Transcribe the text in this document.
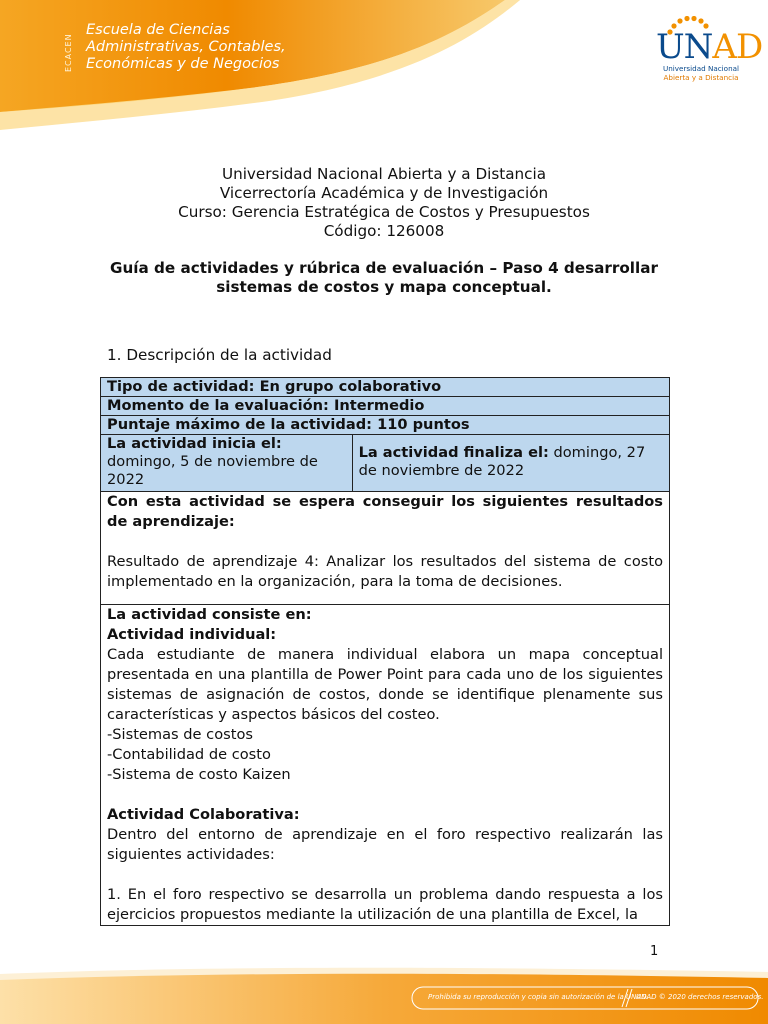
ECACEN
Escuela de Ciencias
Administrativas, Contables,
Económicas y de Negocios	UNAD
Universidad Nacional
Abierta y a Distancia
Universidad Nacional Abierta y a Distancia
Vicerrectoría Académica y de Investigación
Curso: Gerencia Estratégica de Costos y Presupuestos
Código: 126008
Guía de actividades y rúbrica de evaluación – Paso 4 desarrollar sistemas de costos y mapa conceptual.
1. Descripción de la actividad
Tipo de actividad: En grupo colaborativo
Momento de la evaluación: Intermedio
Puntaje máximo de la actividad: 110 puntos

La actividad inicia el:
domingo, 5 de noviembre de 2022
	La actividad finaliza el: domingo, 27 de noviembre de 2022

Con esta actividad se espera conseguir los siguientes resultados de aprendizaje:
Resultado de aprendizaje 4: Analizar los resultados del sistema de costo implementado en la organización, para la toma de decisiones.

La actividad consiste en:
Actividad individual:
Cada estudiante de manera individual elabora un mapa conceptual presentada en una plantilla de Power Point para cada uno de los siguientes sistemas de asignación de costos, donde se identifique plenamente sus características y aspectos básicos del costeo.
-Sistemas de costos
-Contabilidad de costo
-Sistema de costo Kaizen
Actividad Colaborativa:
Dentro del entorno de aprendizaje en el foro respectivo realizarán las siguientes actividades:
1. En el foro respectivo se desarrolla un problema dando respuesta a los ejercicios propuestos mediante la utilización de una plantilla de Excel, la
1
Prohibida su reproducción y copia sin autorización de la UNAD.
UNAD © 2020 derechos reservados.
